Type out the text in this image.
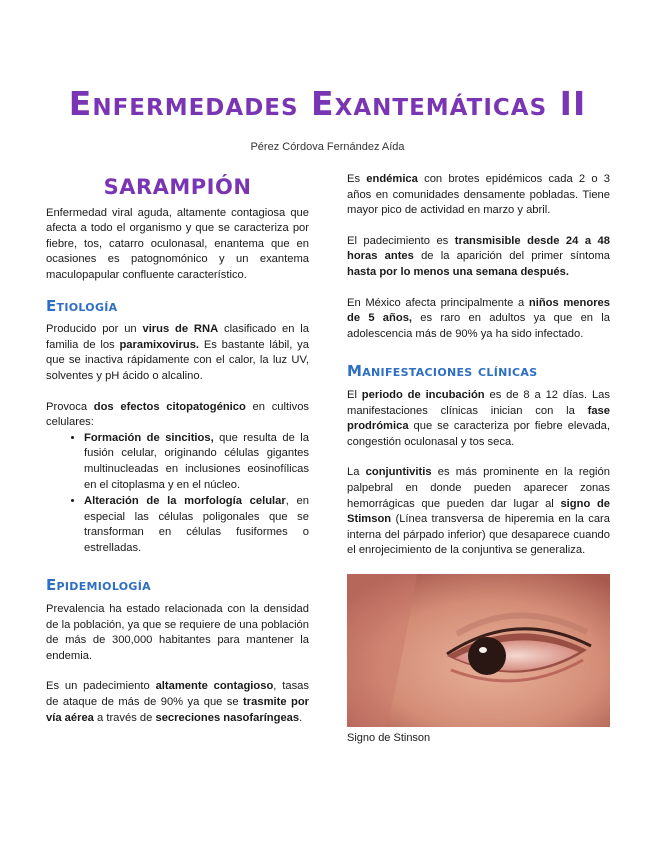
Enfermedades Exantemáticas II
Pérez Córdova Fernández Aída
SARAMPIÓN

Enfermedad viral aguda, altamente contagiosa que afecta a todo el organismo y que se caracteriza por fiebre, tos, catarro oculonasal, enantema que en ocasiones es patognomónico y un exantema maculopapular confluente característico.

Etiología

Producido por un virus de RNA clasificado en la familia de los paramixovirus. Es bastante lábil, ya que se inactiva rápidamente con el calor, la luz UV, solventes y pH ácido o alcalino.

Provoca dos efectos citopatogénico en cultivos celulares:

• Formación de sincitios, que resulta de la fusión celular, originando células gigantes multinucleadas en inclusiones eosinofílicas en el citoplasma y en el núcleo.
• Alteración de la morfología celular, en especial las células poligonales que se transforman en células fusiformes o estrelladas.
Epidemiología

Prevalencia ha estado relacionada con la densidad de la población, ya que se requiere de una población de más de 300,000 habitantes para mantener la endemia.

Es un padecimiento altamente contagioso, tasas de ataque de más de 90% ya que se trasmite por vía aérea a través de secreciones nasofaríngeas.

Es endémica con brotes epidémicos cada 2 o 3 años en comunidades densamente pobladas. Tiene mayor pico de actividad en marzo y abril.

El padecimiento es transmisible desde 24 a 48 horas antes de la aparición del primer síntoma hasta por lo menos una semana después.

En México afecta principalmente a niños menores de 5 años, es raro en adultos ya que en la adolescencia más de 90% ya ha sido infectado.

Manifestaciones clínicas

El periodo de incubación es de 8 a 12 días. Las manifestaciones clínicas inician con la fase prodrómica que se caracteriza por fiebre elevada, congestión oculonasal y tos seca.

La conjuntivitis es más prominente en la región palpebral en donde pueden aparecer zonas hemorrágicas que pueden dar lugar al signo de Stimson (Línea transversa de hiperemia en la cara interna del párpado inferior) que desaparece cuando el enrojecimiento de la conjuntiva se generaliza.

Signo de Stinson
